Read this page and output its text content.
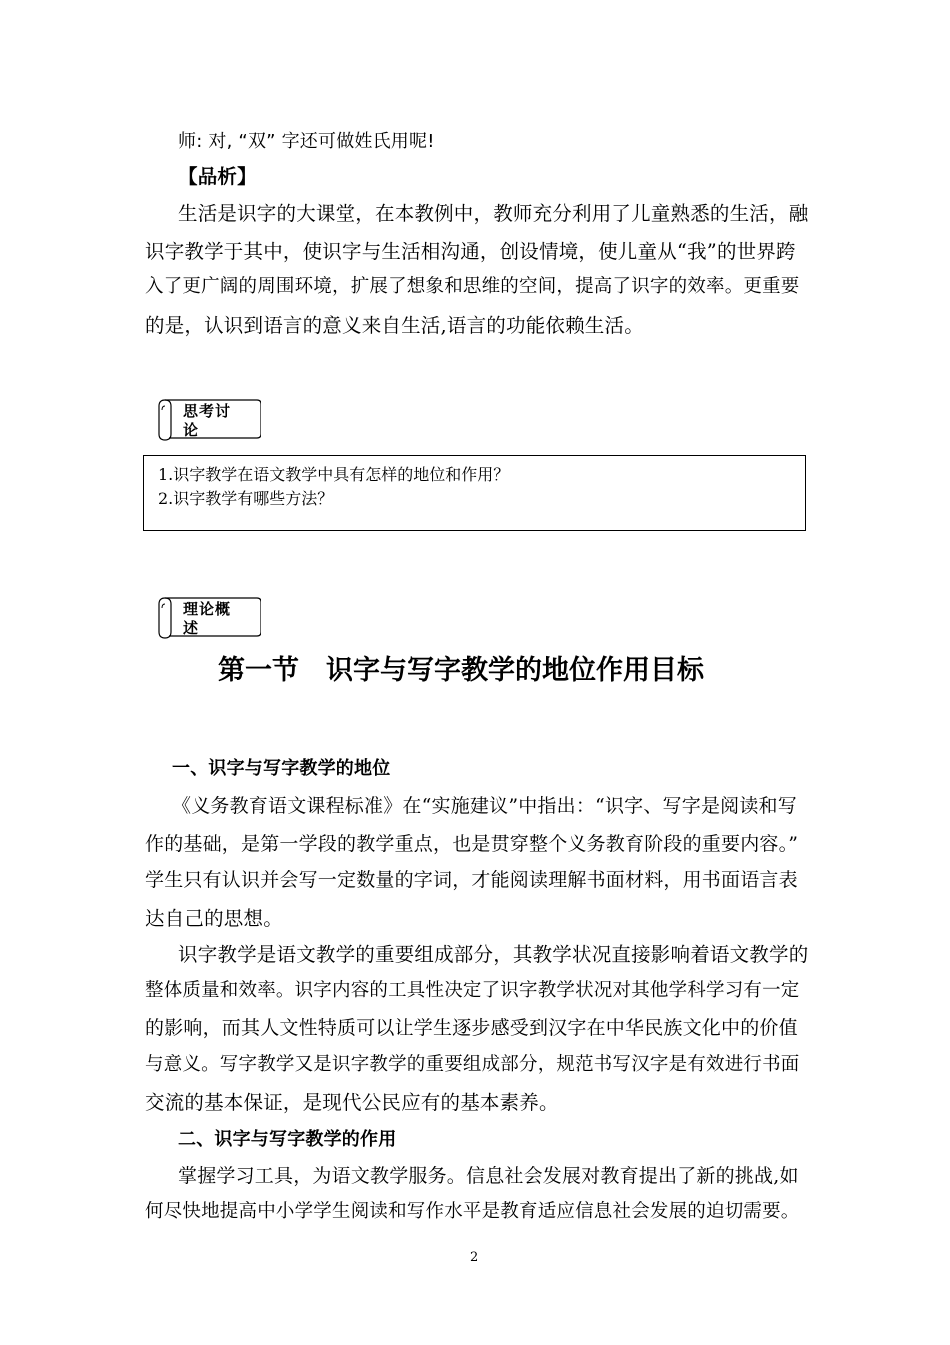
师: 对, “双” 字还可做姓氏用呢!
【品析】
生活是识字的大课堂，在本教例中，教师充分利用了儿童熟悉的生活，融
识字教学于其中，使识字与生活相沟通，创设情境，使儿童从“我”的世界跨
入了更广阔的周围环境，扩展了想象和思维的空间，提高了识字的效率。更重要
的是，认识到语言的意义来自生活,语言的功能依赖生活。
思考讨论
1.识字教学在语文教学中具有怎样的地位和作用？
2.识字教学有哪些方法？
理论概述
第一节　识字与写字教学的地位作用目标
一、识字与写字教学的地位
《义务教育语文课程标准》在“实施建议”中指出：“识字、写字是阅读和写
作的基础，是第一学段的教学重点，也是贯穿整个义务教育阶段的重要内容。”
学生只有认识并会写一定数量的字词，才能阅读理解书面材料，用书面语言表
达自己的思想。
识字教学是语文教学的重要组成部分，其教学状况直接影响着语文教学的
整体质量和效率。识字内容的工具性决定了识字教学状况对其他学科学习有一定
的影响，而其人文性特质可以让学生逐步感受到汉字在中华民族文化中的价值
与意义。写字教学又是识字教学的重要组成部分，规范书写汉字是有效进行书面
交流的基本保证，是现代公民应有的基本素养。
二、识字与写字教学的作用
掌握学习工具，为语文教学服务。信息社会发展对教育提出了新的挑战,如
何尽快地提高中小学学生阅读和写作水平是教育适应信息社会发展的迫切需要。
2
